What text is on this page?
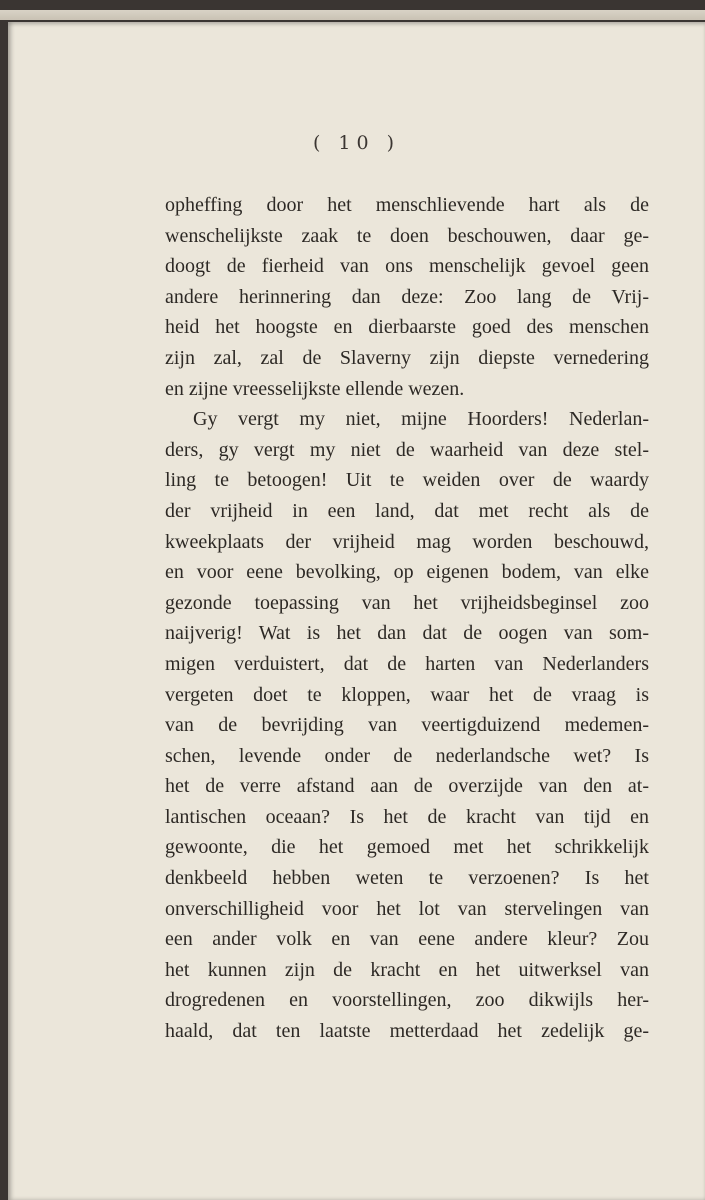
( 10 )
opheffing door het menschlievende hart als de
wenschelijkste zaak te doen beschouwen, daar ge-
doogt de fierheid van ons menschelijk gevoel geen
andere herinnering dan deze: Zoo lang de Vrij-
heid het hoogste en dierbaarste goed des menschen
zijn zal, zal de Slaverny zijn diepste vernedering
en zijne vreesselijkste ellende wezen.
Gy vergt my niet, mijne Hoorders! Nederlan-
ders, gy vergt my niet de waarheid van deze stel-
ling te betoogen! Uit te weiden over de waardy
der vrijheid in een land, dat met recht als de
kweekplaats der vrijheid mag worden beschouwd,
en voor eene bevolking, op eigenen bodem, van elke
gezonde toepassing van het vrijheidsbeginsel zoo
naijverig! Wat is het dan dat de oogen van som-
migen verduistert, dat de harten van Nederlanders
vergeten doet te kloppen, waar het de vraag is
van de bevrijding van veertigduizend medemen-
schen, levende onder de nederlandsche wet? Is
het de verre afstand aan de overzijde van den at-
lantischen oceaan? Is het de kracht van tijd en
gewoonte, die het gemoed met het schrikkelijk
denkbeeld hebben weten te verzoenen? Is het
onverschilligheid voor het lot van stervelingen van
een ander volk en van eene andere kleur? Zou
het kunnen zijn de kracht en het uitwerksel van
drogredenen en voorstellingen, zoo dikwijls her-
haald, dat ten laatste metterdaad het zedelijk ge-
